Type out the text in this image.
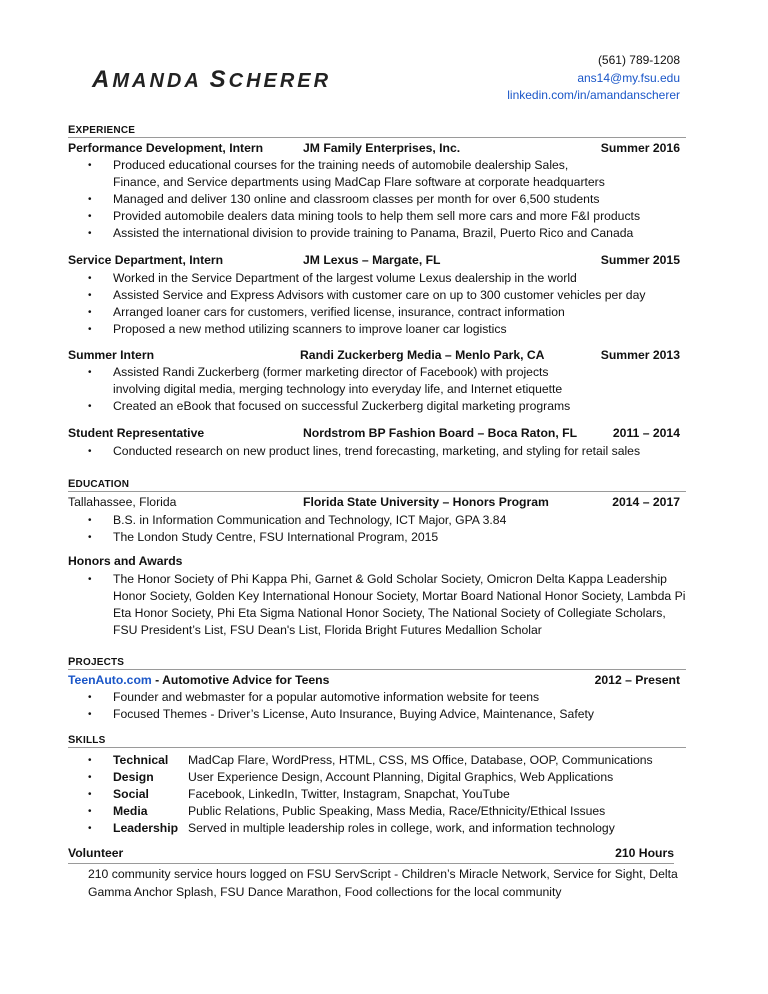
AMANDA SCHERER
(561) 789-1208

ans14@my.fsu.edu
linkedin.com/in/amandanscherer
EXPERIENCE
Performance Development, Intern	JM Family Enterprises, Inc.	Summer 2016
• Produced educational courses for the training needs of automobile dealership Sales, Finance, and Service departments using MadCap Flare software at corporate headquarters
• Managed and deliver 130 online and classroom classes per month for over 6,500 students
• Provided automobile dealers data mining tools to help them sell more cars and more F&I products
• Assisted the international division to provide training to Panama, Brazil, Puerto Rico and Canada
Service Department, Intern	JM Lexus – Margate, FL	Summer 2015
• Worked in the Service Department of the largest volume Lexus dealership in the world
• Assisted Service and Express Advisors with customer care on up to 300 customer vehicles per day
• Arranged loaner cars for customers, verified license, insurance, contract information
• Proposed a new method utilizing scanners to improve loaner car logistics
Summer Intern	Randi Zuckerberg Media – Menlo Park, CA	Summer 2013
• Assisted Randi Zuckerberg (former marketing director of Facebook) with projects involving digital media, merging technology into everyday life, and Internet etiquette
• Created an eBook that focused on successful Zuckerberg digital marketing programs
Student Representative	Nordstrom BP Fashion Board – Boca Raton, FL	2011 – 2014
• Conducted research on new product lines, trend forecasting, marketing, and styling for retail sales
EDUCATION
Tallahassee, Florida	Florida State University – Honors Program	2014 – 2017
• B.S. in Information Communication and Technology, ICT Major, GPA 3.84
• The London Study Centre, FSU International Program, 2015
Honors and Awards
• The Honor Society of Phi Kappa Phi, Garnet & Gold Scholar Society, Omicron Delta Kappa Leadership Honor Society, Golden Key International Honour Society, Mortar Board National Honor Society, Lambda Pi Eta Honor Society, Phi Eta Sigma National Honor Society, The National Society of Collegiate Scholars, FSU President’s List, FSU Dean's List, Florida Bright Futures Medallion Scholar
PROJECTS
TeenAuto.com - Automotive Advice for Teens	2012 – Present
• Founder and webmaster for a popular automotive information website for teens
• Focused Themes - Driver’s License, Auto Insurance, Buying Advice, Maintenance, Safety
SKILLS
• Technical MadCap Flare, WordPress, HTML, CSS, MS Office, Database, OOP, Communications
• Design	User Experience Design, Account Planning, Digital Graphics, Web Applications
• Social	Facebook, LinkedIn, Twitter, Instagram, Snapchat, YouTube
• Media	Public Relations, Public Speaking, Mass Media, Race/Ethnicity/Ethical Issues
• Leadership Served in multiple leadership roles in college, work, and information technology
Volunteer	210 Hours
210 community service hours logged on FSU ServScript - Children’s Miracle Network, Service for Sight, Delta Gamma Anchor Splash, FSU Dance Marathon, Food collections for the local community
